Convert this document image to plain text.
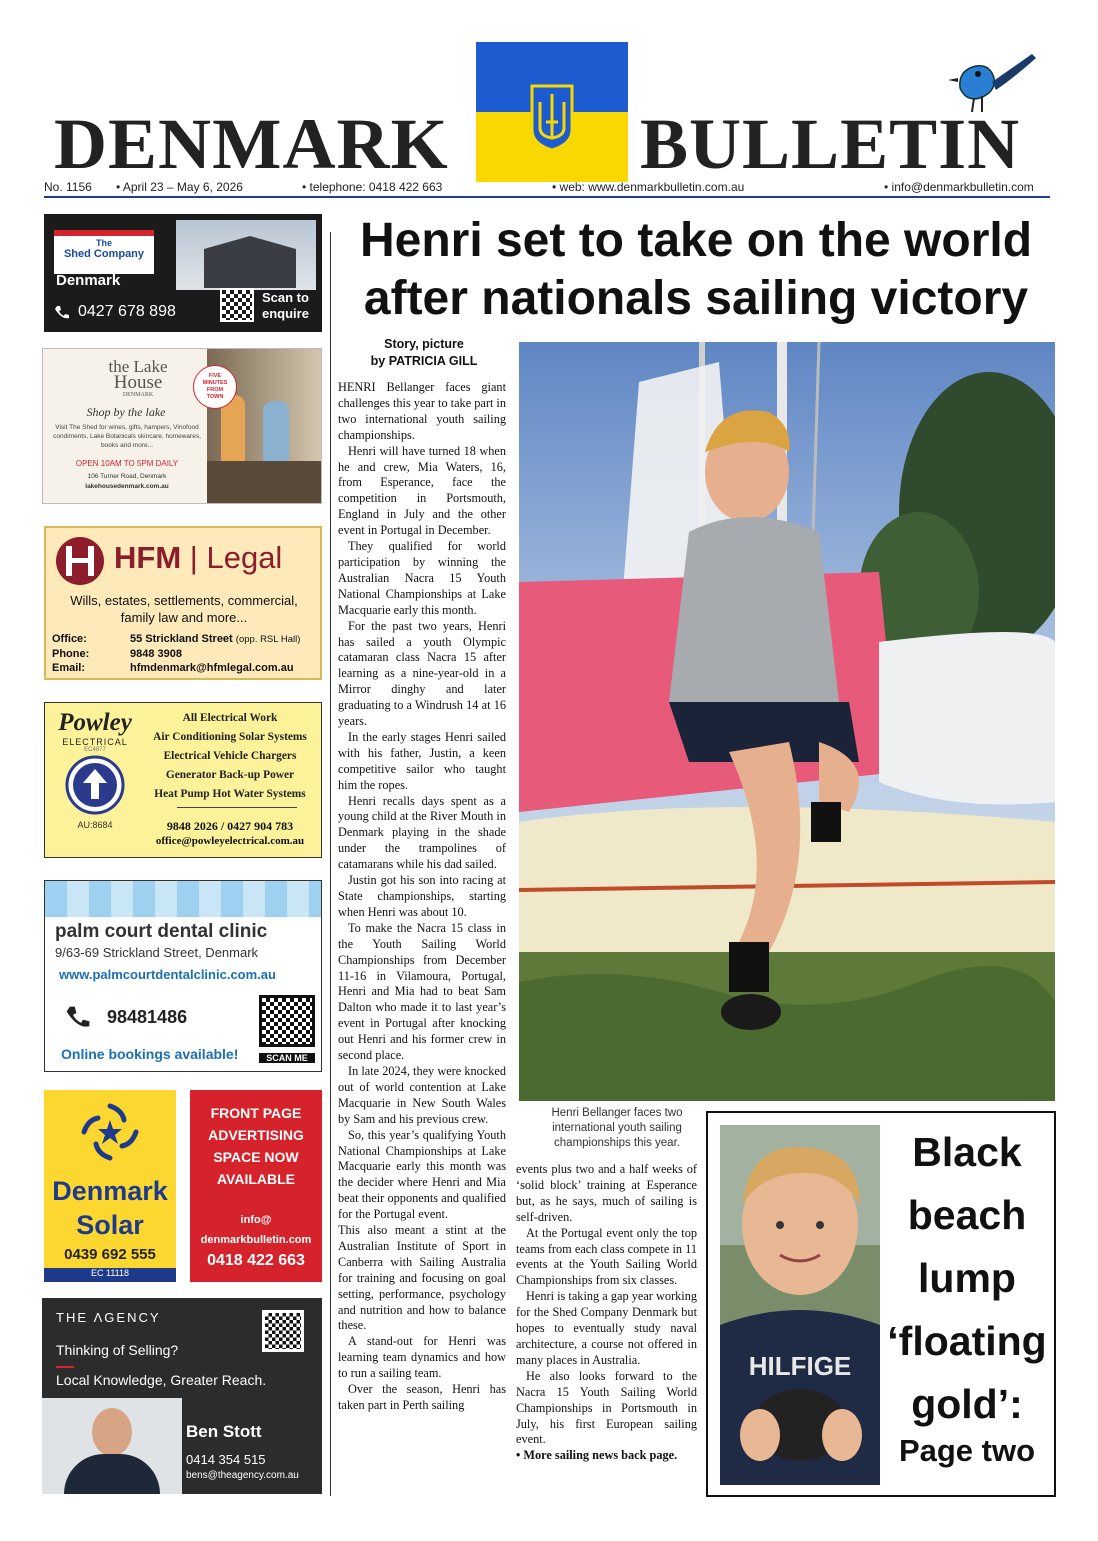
DENMARK	BULLETIN
No. 1156 • April 23 – May 6, 2026	• telephone: 0418 422 663	• web: www.denmarkbulletin.com.au	• info@denmarkbulletin.com
Henri set to take on the world
after nationals sailing victory
Story, picture
by PATRICIA GILL

HENRI Bellanger faces giant challenges this year to take part in two international youth sailing championships.

Henri will have turned 18 when he and crew, Mia Waters, 16, from Esperance, face the competition in Portsmouth, England in July and the other event in Portugal in December.

They qualified for world participation by winning the Australian Nacra 15 Youth National Championships at Lake Macquarie early this month.

For the past two years, Henri has sailed a youth Olympic catamaran class Nacra 15 after learning as a nine-year-old in a Mirror dinghy and later graduating to a Windrush 14 at 16 years.

In the early stages Henri sailed with his father, Justin, a keen competitive sailor who taught him the ropes.

Henri recalls days spent as a young child at the River Mouth in Denmark playing in the shade under the trampolines of catamarans while his dad sailed.

Justin got his son into racing at State championships, starting when Henri was about 10.

To make the Nacra 15 class in the Youth Sailing World Championships from December 11-16 in Vilamoura, Portugal, Henri and Mia had to beat Sam Dalton who made it to last year’s event in Portugal after knocking out Henri and his former crew in second place.

In late 2024, they were knocked out of world contention at Lake Macquarie in New South Wales by Sam and his previous crew.

So, this year’s qualifying Youth National Championships at Lake Macquarie early this month was the decider where Henri and Mia beat their opponents and qualified for the Portugal event.

This also meant a stint at the Australian Institute of Sport in Canberra with Sailing Australia for training and focusing on goal setting, performance, psychology and nutrition and how to balance these.

A stand-out for Henri was learning team dynamics and how to run a sailing team.

Over the season, Henri has taken part in Perth sailing

Henri Bellanger faces two international youth sailing championships this year.

events plus two and a half weeks of ‘solid block’ training at Esperance but, as he says, much of sailing is self-driven.

At the Portugal event only the top teams from each class compete in 11 events at the Youth Sailing World Championships from six classes.

Henri is taking a gap year working for the Shed Company Denmark but hopes to eventually study naval architecture, a course not offered in many places in Australia.

He also looks forward to the Nacra 15 Youth Sailing World Championships in Portsmouth in July, his first European sailing event.

• More sailing news back page.

HILFIGE
Black
beach
lump
‘floating
gold’:
Page two
The
Shed Company
Denmark
0427 678 898
Scan to
enquire
the Lake
House
DENMARK
FIVE
MINUTES
FROM
TOWN
Shop by the lake
Visit The Shed for wines, gifts, hampers, Vinofood condiments, Lake Botanicals skincare, homewares, books and more...
OPEN 10AM TO 5PM DAILY
106 Turner Road, Denmark
lakehousedenmark.com.au
HFM | Legal
Wills, estates, settlements, commercial, family law and more...
Office:	55 Strickland Street (opp. RSL Hall)
Phone:	9848 3908
Email:	hfmdenmark@hfmlegal.com.au
Powley
ELECTRICAL
EC4877
AU:8684
All Electrical Work
Air Conditioning Solar Systems
Electrical Vehicle Chargers
Generator Back-up Power
Heat Pump Hot Water Systems
9848 2026 / 0427 904 783
office@powleyelectrical.com.au
palm court dental clinic
9/63-69 Strickland Street, Denmark
www.palmcourtdentalclinic.com.au
98481486
Online bookings available!	SCAN ME
Denmark
Solar
0439 692 555
EC 11118
FRONT PAGE
ADVERTISING
SPACE NOW
AVAILABLE
info@
denmarkbulletin.com
0418 422 663
THE ΛGENCY
Thinking of Selling?
Local Knowledge, Greater Reach.
Ben Stott
0414 354 515
bens@theagency.com.au
